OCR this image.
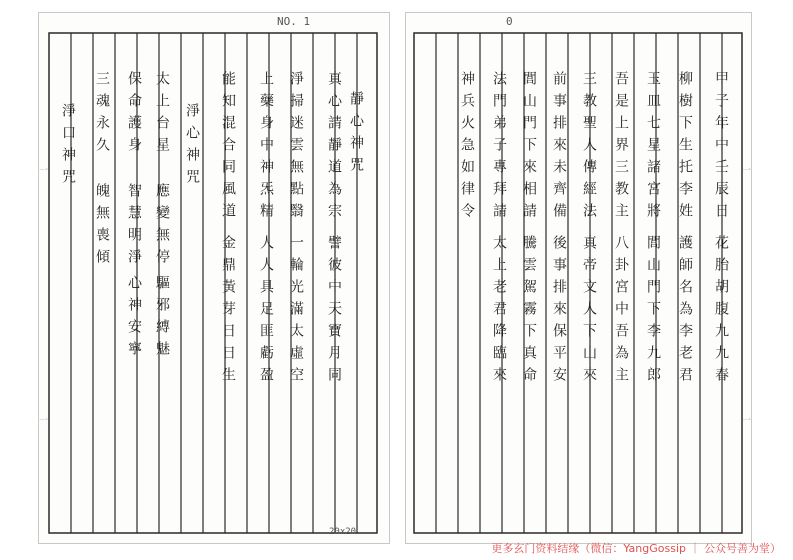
NO. 1
靜心神咒
真心請靜道為宗
譬彼中天寶月同
淨掃迷雲無點翳
一輪光滿太虛空
上藥身中神炁精
人人具足匪虧盈
能知混合同風道
金鼎黃芽日日生
淨心神咒
太上台星
應變無停
驅邪縛魅
保命護身
智慧明淨
心神安寧
三魂永久
魄無喪傾
淨口神咒
一
一
20x20
0
甲子年中壬辰日
花胎胡腹九九春
柳樹下生托李姓
護師名為李老君
玉皿七星諸宮將
閭山門下李九郎
吾是上界三教主
八卦宮中吾為主
三教聖人傳經法
真帝文人下山來
前事排來未齊備
後事排來保平安
閭山門下來相請
騰雲駕霧下真命
法門弟子專拜請
太上老君降臨來
神兵火急如律令	一
一
更多玄门资料结缘（微信：YangGossip ｜ 公众号善为堂）
